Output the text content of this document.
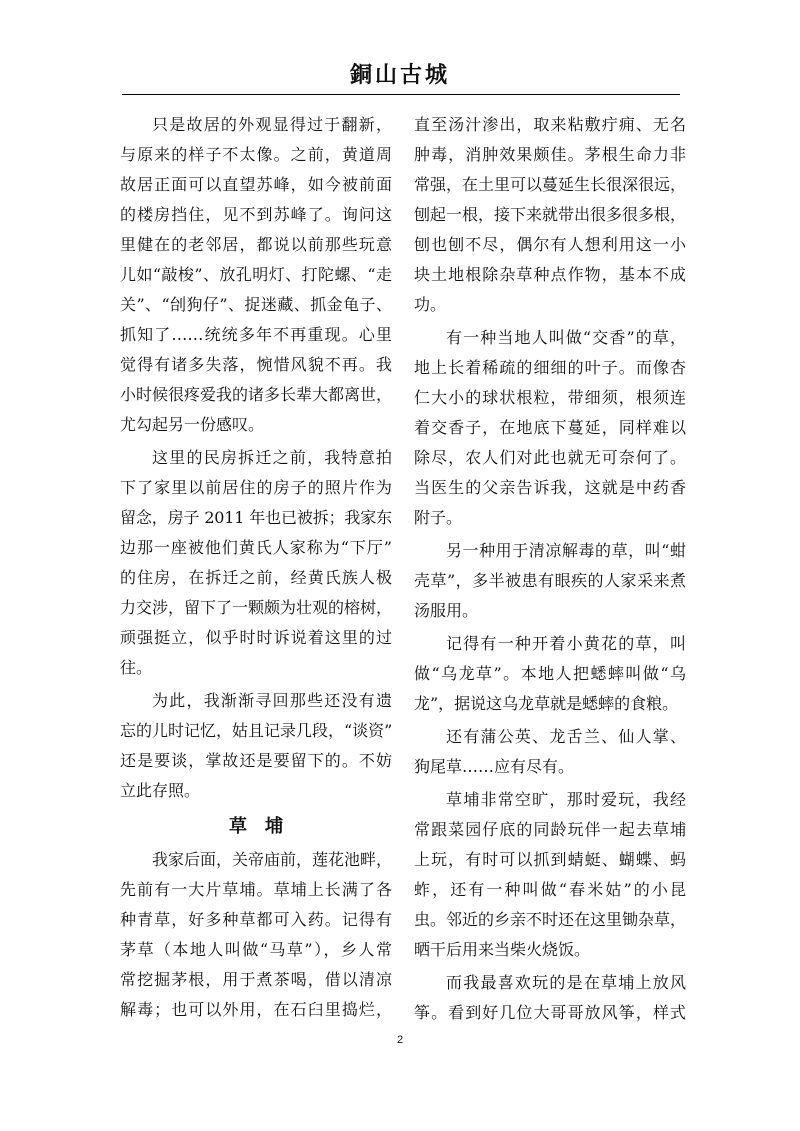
銅山古城
只是故居的外观显得过于翻新，
与原来的样子不太像。之前，黄道周
故居正面可以直望苏峰，如今被前面
的楼房挡住，见不到苏峰了。询问这
里健在的老邻居，都说以前那些玩意
儿如“敲梭”、放孔明灯、打陀螺、“走
关”、“刣狗仔”、捉迷藏、抓金龟子、
抓知了……统统多年不再重现。心里
觉得有诸多失落，惋惜风貌不再。我
小时候很疼爱我的诸多长辈大都离世，
尤勾起另一份感叹。
这里的民房拆迁之前，我特意拍
下了家里以前居住的房子的照片作为
留念，房子 2011 年也已被拆；我家东
边那一座被他们黄氏人家称为“下厅”
的住房，在拆迁之前，经黄氏族人极
力交涉，留下了一颗颇为壮观的榕树，
顽强挺立，似乎时时诉说着这里的过
往。
为此，我渐渐寻回那些还没有遗
忘的儿时记忆，姑且记录几段，“谈资”
还是要谈，掌故还是要留下的。不妨
立此存照。
草　埔
我家后面，关帝庙前，莲花池畔，
先前有一大片草埔。草埔上长满了各
种青草，好多种草都可入药。记得有
茅草（本地人叫做“马草”），乡人常
常挖掘茅根，用于煮茶喝，借以清凉
解毒；也可以外用，在石臼里捣烂，
直至汤汁渗出，取来粘敷疔痈、无名
肿毒，消肿效果颇佳。茅根生命力非
常强，在土里可以蔓延生长很深很远，
刨起一根，接下来就带出很多很多根，
刨也刨不尽，偶尔有人想利用这一小
块土地根除杂草种点作物，基本不成
功。
有一种当地人叫做“交香”的草，
地上长着稀疏的细细的叶子。而像杏
仁大小的球状根粒，带细须，根须连
着交香子，在地底下蔓延，同样难以
除尽，农人们对此也就无可奈何了。
当医生的父亲告诉我，这就是中药香
附子。
另一种用于清凉解毒的草，叫“蚶
壳草”，多半被患有眼疾的人家采来煮
汤服用。
记得有一种开着小黄花的草，叫
做“乌龙草”。本地人把蟋蟀叫做“乌
龙”，据说这乌龙草就是蟋蟀的食粮。
还有蒲公英、龙舌兰、仙人掌、
狗尾草……应有尽有。
草埔非常空旷，那时爱玩，我经
常跟菜园仔底的同龄玩伴一起去草埔
上玩，有时可以抓到蜻蜓、蝴蝶、蚂
蚱，还有一种叫做“春米姑”的小昆
虫。邻近的乡亲不时还在这里锄杂草，
晒干后用来当柴火烧饭。
而我最喜欢玩的是在草埔上放风
筝。看到好几位大哥哥放风筝，样式
2
